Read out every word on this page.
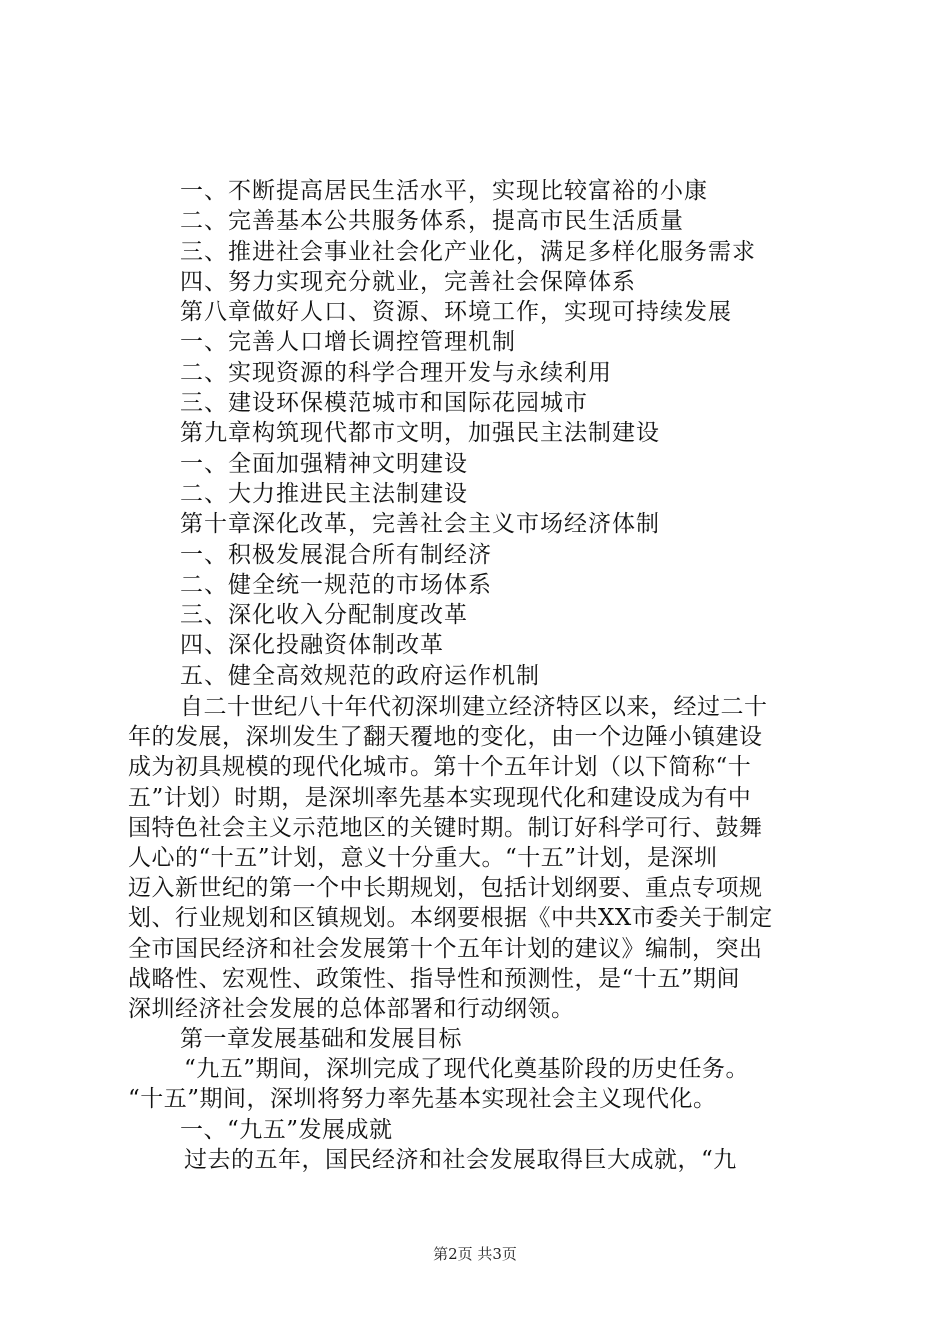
一、不断提高居民生活水平，实现比较富裕的小康
二、完善基本公共服务体系，提高市民生活质量
三、推进社会事业社会化产业化，满足多样化服务需求
四、努力实现充分就业，完善社会保障体系
第八章做好人口、资源、环境工作，实现可持续发展
一、完善人口增长调控管理机制
二、实现资源的科学合理开发与永续利用
三、建设环保模范城市和国际花园城市
第九章构筑现代都市文明，加强民主法制建设
一、全面加强精神文明建设
二、大力推进民主法制建设
第十章深化改革，完善社会主义市场经济体制
一、积极发展混合所有制经济
二、健全统一规范的市场体系
三、深化收入分配制度改革
四、深化投融资体制改革
五、健全高效规范的政府运作机制
自二十世纪八十年代初深圳建立经济特区以来，经过二十
年的发展，深圳发生了翻天覆地的变化，由一个边陲小镇建设
成为初具规模的现代化城市。第十个五年计划（以下简称“十
五”计划）时期，是深圳率先基本实现现代化和建设成为有中
国特色社会主义示范地区的关键时期。制订好科学可行、鼓舞
人心的“十五”计划，意义十分重大。“十五”计划，是深圳
迈入新世纪的第一个中长期规划，包括计划纲要、重点专项规
划、行业规划和区镇规划。本纲要根据《中共XX市委关于制定
全市国民经济和社会发展第十个五年计划的建议》编制，突出
战略性、宏观性、政策性、指导性和预测性，是“十五”期间
深圳经济社会发展的总体部署和行动纲领。
第一章发展基础和发展目标
“九五”期间，深圳完成了现代化奠基阶段的历史任务。
“十五”期间，深圳将努力率先基本实现社会主义现代化。
一、“九五”发展成就
过去的五年，国民经济和社会发展取得巨大成就，“九
第2页 共3页
